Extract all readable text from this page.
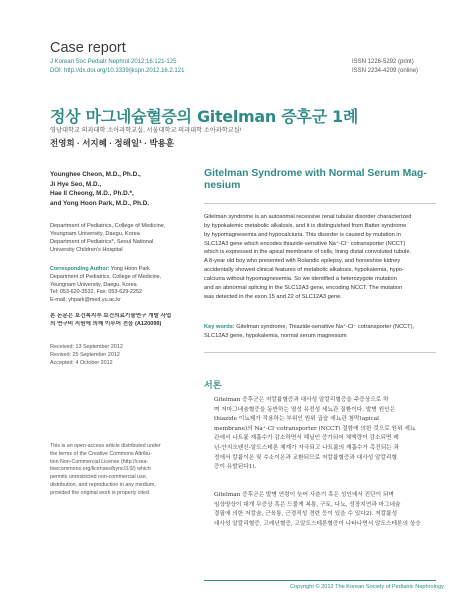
Case report
J Korean Soc Pediatr Nephrol 2012;16:121-125
DOI: http://dx.doi.org/10.3339/jkspn.2012.16.2.121
ISSN 1226-5292 (print)
ISSN 2234-4209 (online)
정상 마그네슘혈증의 Gitelman 증후군 1례
영남대학교 의과대학 소아과학교실, 서울대학교 의과대학 소아과학교실¹
전영희 · 서지혜 · 정해일¹ · 박용훈
Younghee Cheon, M.D., Ph.D.,
Ji Hye Seo, M.D.,
Hae Il Cheong, M.D., Ph.D.*,
and Yong Hoon Park, M.D., Ph.D.
Department of Pediatrics, College of Medicine,
Yeungnam University, Daegu, Korea
Department of Pediatrics*, Seoul National
University Children's Hospital
Corresponding Author: Yong Hoon Park
Department of Pediatrics, College of Medicine,
Yeungnam University, Daegu, Korea
Tel: 053-620-3532, Fax: 053-629-2252
E-mail: yhpark@med.yu.ac.kr
본 논문은 보건복지부 보건의료기술연구 개발 사업
의 연구비 지원에 의해 이루어 전음 (A120099)
Received: 13 September 2012
Revised: 25 September 2012
Accepted: 4 October 2012
This is an open-access article distributed under
the terms of the Creative Commons Attribu-
tion Non-Commercial License (http://crea-
tivecommons.org/licenses/bync/3.0/) which
permits unrestricted non-commercial use,
distribution, and reproduction in any medium,
provided the original work is properly cited.
Gitelman Syndrome with Normal Serum Mag-
nesium
Gitelman syndrome is an autosomal recessive renal tubular disorder characterized
by hypokalemic metabolic alkalosis, and it is distinguished from Batter syndrome
by hypomagnesemia and hypocalciuria. This disorder is caused by mutation in
SLC12A3 gene which encodes thiazide-sensitive Na⁺-Cl⁻ cotransporter (NCCT)
which is expressed in the apical membrane of cells, lining distal convoluted tubule.
A 8-year old boy who presented with Rolandic epilepsy, and horseshoe kidney
accidentally showed clinical features of metabolic alkalosis, hypokalemia, hypo-
calciuria without hypomagnesemia. So we identified a heterozygote mutation
and an abnormal splicing in the SLC12A3 gene, encoding NCCT. The mutation
was detected in the exon 15 and 22 of SLC12A3 gene.
Key words: Gitelman syndrome, Thiazide-sensitive Na⁺-Cl⁻ cotransporter (NCCT),
SLC12A3 gene, hypokalemia, normal serum magnesium
서론
Gitelman 증후군은 저칼륨혈증과 대사성 알칼리혈증을 주증상으로 하
며 저마그네슘혈증을 동반하는 열성 유전성 세뇨관 질환이다. 발병 원인은
thiazide 이뇨제가 작용하는 부위인 원위 곱슬 세뇨관 첨막(apical
membrane)의 Na⁺-Cl⁻cotransporter (NCCT) 결함에 의한 것으로 원위 세뇨
관에서 나트륨 재흡수가 감소하면서 헤닐인 증가되어 체액량이 감소되면 레
닌-안지오텐신-알도스테론 체계가 자극되고 나트륨의 재흡수가 촉진되는 과
정에서 칼륨이온 및 수소이온과 교환되므로 저칼륨혈증과 대사성 알칼리혈
증이 유발된다1).
Gitelman 증후군은 발병 연령이 늦어 사춘기 혹은 성인에서 진단이 되며
임상양상이 대개 무증상 혹은 드물게 복통, 구토, 다뇨, 성장지연과 마그네슘
결핍에 의한 저칼슘, 근육통, 근경직성 경련 등이 있을 수 있다2). 저칼륨성
대사성 알칼리혈증, 고레닌혈증, 고알도스테론혈증이 나타나면서 알도스테론의 상승
Copyright © 2012 The Korean Society of Pediatric Nephrology
